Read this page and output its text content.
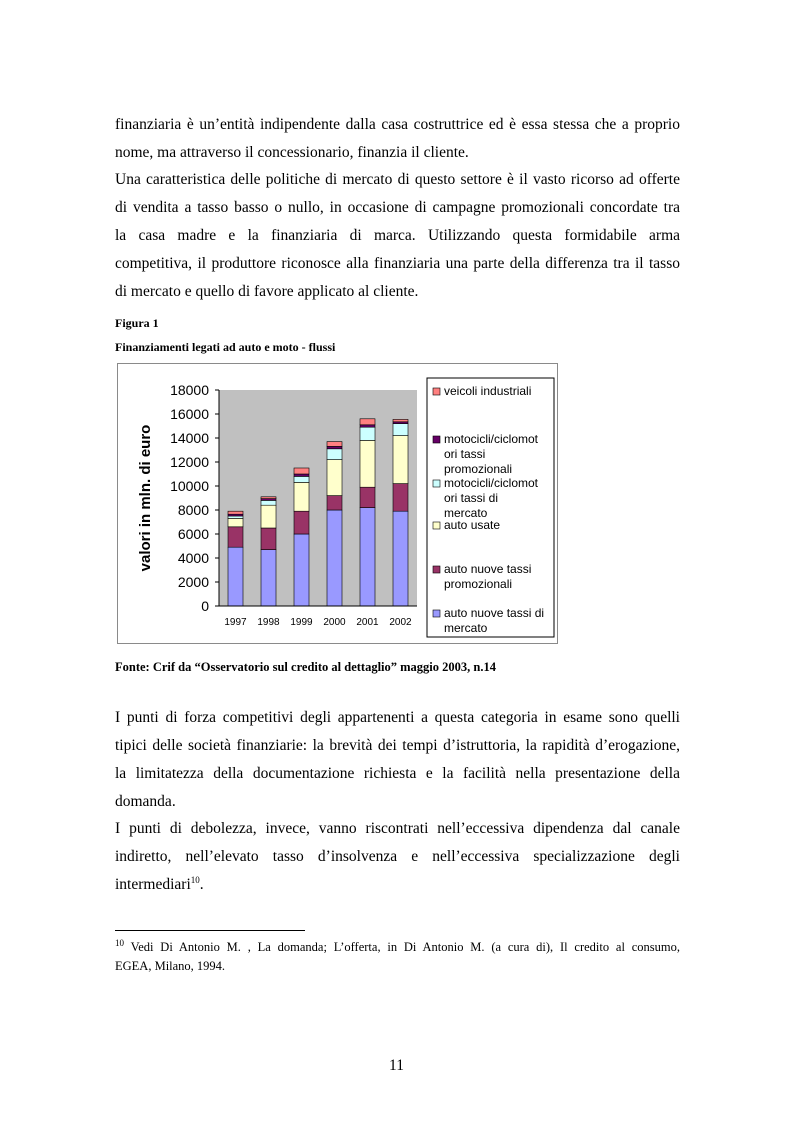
finanziaria è un’entità indipendente dalla casa costruttrice ed è essa stessa che a proprio
nome, ma attraverso il concessionario, finanzia il cliente.

Una caratteristica delle politiche di mercato di questo settore è il vasto ricorso ad offerte
di vendita a tasso basso o nullo, in occasione di campagne promozionali concordate tra
la casa madre e la finanziaria di marca. Utilizzando questa formidabile arma
competitiva, il produttore riconosce alla finanziaria una parte della differenza tra il tasso
di mercato e quello di favore applicato al cliente.

Figura 1

Finanziamenti legati ad auto e moto - flussi

valori in mln. di euro
0
2000
4000
6000
8000
10000
12000
14000
16000
18000
1997 1998 1999 2000 2001 2002
veicoli industriali
motocicli/ciclomot
ori tassi
promozionali
motocicli/ciclomot
ori tassi di
mercato
auto usate
auto nuove tassi
promozionali
auto nuove tassi di
mercato

Fonte: Crif da “Osservatorio sul credito al dettaglio” maggio 2003, n.14

I punti di forza competitivi degli appartenenti a questa categoria in esame sono quelli
tipici delle società finanziarie: la brevità dei tempi d’istruttoria, la rapidità d’erogazione,
la limitatezza della documentazione richiesta e la facilità nella presentazione della
domanda.

I punti di debolezza, invece, vanno riscontrati nell’eccessiva dipendenza dal canale
indiretto, nell’elevato tasso d’insolvenza e nell’eccessiva specializzazione degli
intermediari$^{10}$.

$^{10}$ Vedi Di Antonio M. , La domanda; L’offerta, in Di Antonio M. (a cura di), Il credito al consumo,
EGEA, Milano, 1994.
11
